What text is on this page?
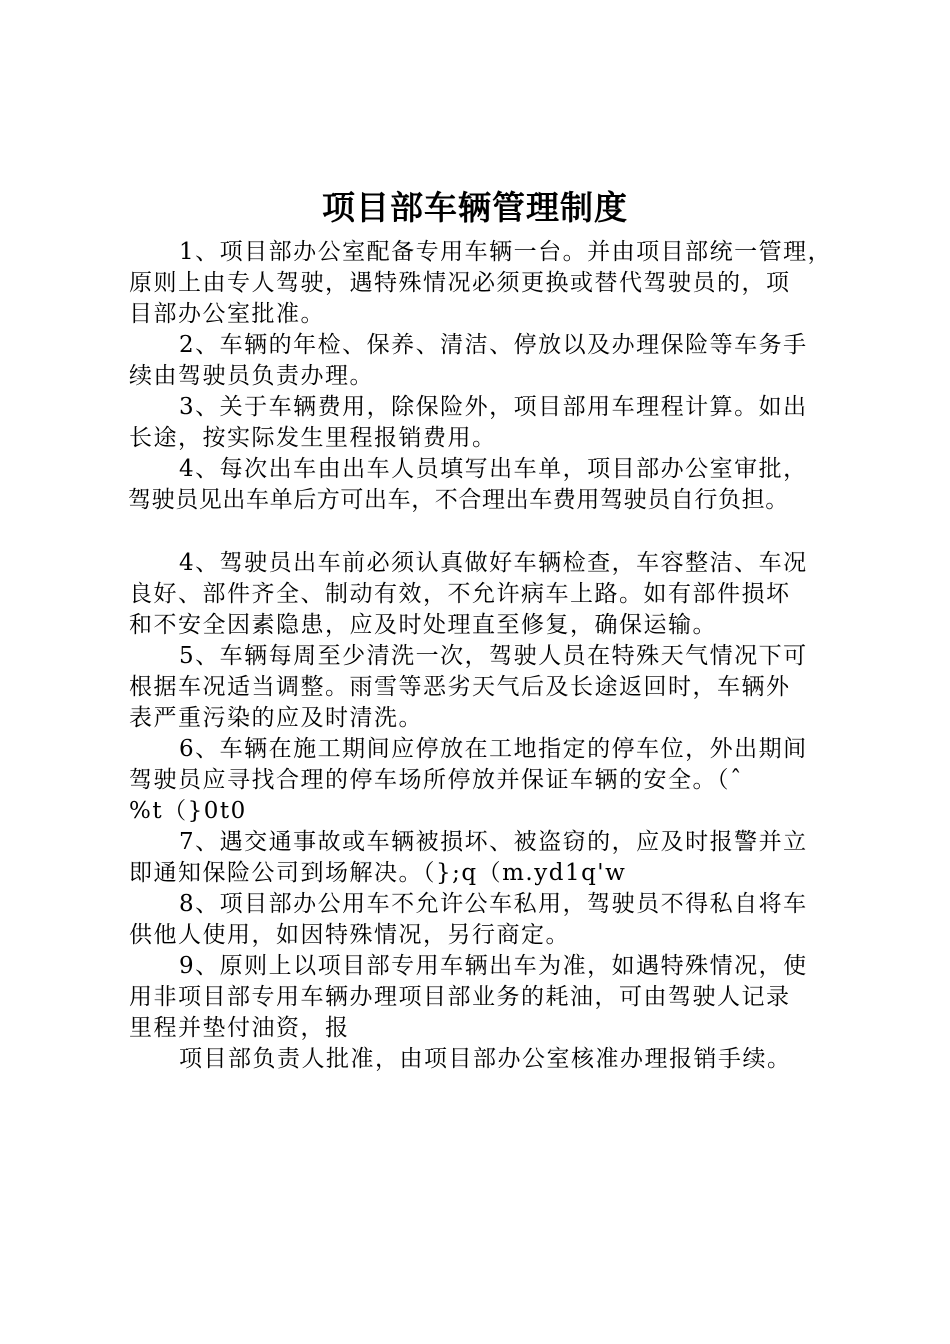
项目部车辆管理制度

1、项目部办公室配备专用车辆一台。并由项目部统一管理，
原则上由专人驾驶，遇特殊情况必须更换或替代驾驶员的，项
目部办公室批准。

2、车辆的年检、保养、清洁、停放以及办理保险等车务手
续由驾驶员负责办理。

3、关于车辆费用，除保险外，项目部用车理程计算。如出
长途，按实际发生里程报销费用。

4、每次出车由出车人员填写出车单，项目部办公室审批，
驾驶员见出车单后方可出车，不合理出车费用驾驶员自行负担。

4、驾驶员出车前必须认真做好车辆检查，车容整洁、车况
良好、部件齐全、制动有效，不允许病车上路。如有部件损坏
和不安全因素隐患，应及时处理直至修复，确保运输。

5、车辆每周至少清洗一次，驾驶人员在特殊天气情况下可
根据车况适当调整。雨雪等恶劣天气后及长途返回时，车辆外
表严重污染的应及时清洗。

6、车辆在施工期间应停放在工地指定的停车位，外出期间
驾驶员应寻找合理的停车场所停放并保证车辆的安全。（ˆ
%t（}0t0

7、遇交通事故或车辆被损坏、被盗窃的，应及时报警并立
即通知保险公司到场解决。（};q（m.yd1q'w

8、项目部办公用车不允许公车私用，驾驶员不得私自将车
供他人使用，如因特殊情况，另行商定。

9、原则上以项目部专用车辆出车为准，如遇特殊情况，使
用非项目部专用车辆办理项目部业务的耗油，可由驾驶人记录
里程并垫付油资，报

项目部负责人批准，由项目部办公室核准办理报销手续。
